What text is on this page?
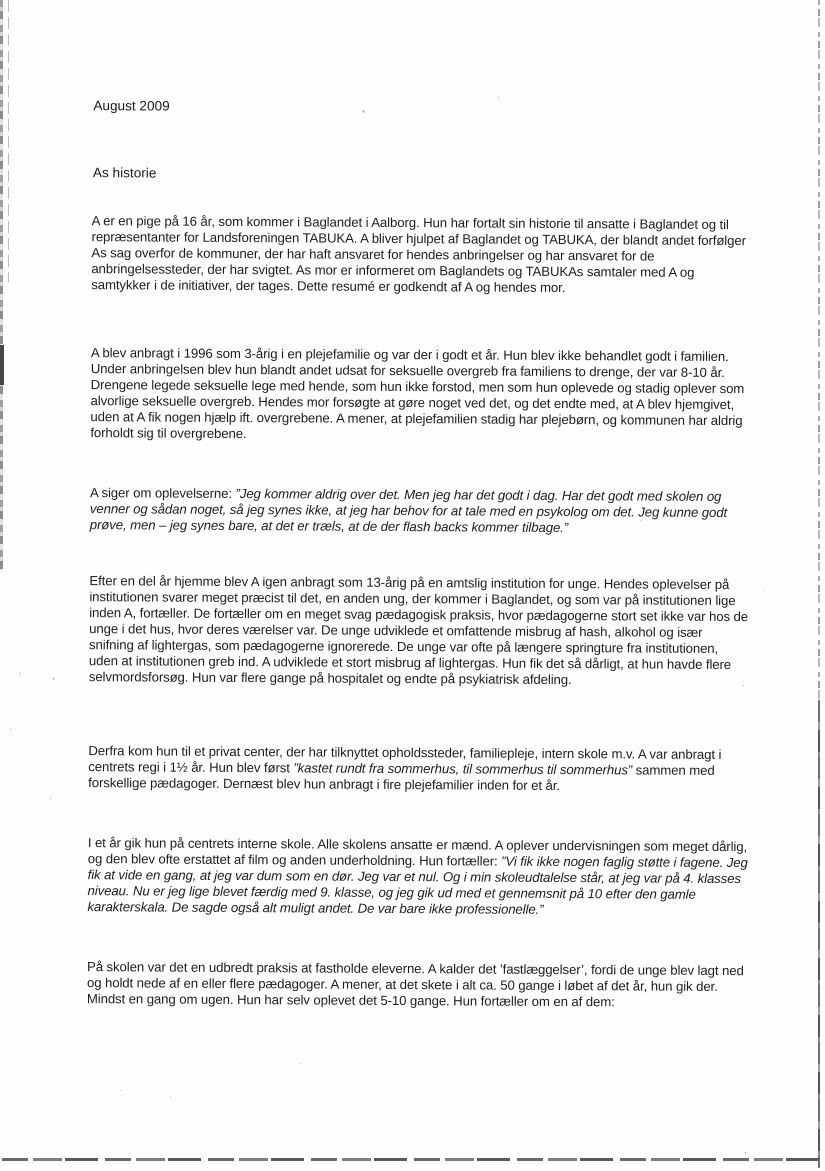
August 2009
As historie

A er en pige på 16 år, som kommer i Baglandet i Aalborg. Hun har fortalt sin historie til ansatte i Baglandet og til repræsentanter for Landsforeningen TABUKA. A bliver hjulpet af Baglandet og TABUKA, der blandt andet forfølger As sag overfor de kommuner, der har haft ansvaret for hendes anbringelser og har ansvaret for de anbringelsessteder, der har svigtet. As mor er informeret om Baglandets og TABUKAs samtaler med A og samtykker i de initiativer, der tages. Dette resumé er godkendt af A og hendes mor.

A blev anbragt i 1996 som 3-årig i en plejefamilie og var der i godt et år. Hun blev ikke behandlet godt i familien. Under anbringelsen blev hun blandt andet udsat for seksuelle overgreb fra familiens to drenge, der var 8-10 år. Drengene legede seksuelle lege med hende, som hun ikke forstod, men som hun oplevede og stadig oplever som alvorlige seksuelle overgreb. Hendes mor forsøgte at gøre noget ved det, og det endte med, at A blev hjemgivet, uden at A fik nogen hjælp ift. overgrebene. A mener, at plejefamilien stadig har plejebørn, og kommunen har aldrig forholdt sig til overgrebene.

A siger om oplevelserne: ”Jeg kommer aldrig over det. Men jeg har det godt i dag. Har det godt med skolen og venner og sådan noget, så jeg synes ikke, at jeg har behov for at tale med en psykolog om det. Jeg kunne godt prøve, men – jeg synes bare, at det er træls, at de der flash backs kommer tilbage.”

Efter en del år hjemme blev A igen anbragt som 13-årig på en amtslig institution for unge. Hendes oplevelser på institutionen svarer meget præcist til det, en anden ung, der kommer i Baglandet, og som var på institutionen lige inden A, fortæller. De fortæller om en meget svag pædagogisk praksis, hvor pædagogerne stort set ikke var hos de unge i det hus, hvor deres værelser var. De unge udviklede et omfattende misbrug af hash, alkohol og især snifning af lightergas, som pædagogerne ignorerede. De unge var ofte på længere springture fra institutionen, uden at institutionen greb ind. A udviklede et stort misbrug af lightergas. Hun fik det så dårligt, at hun havde flere selvmordsforsøg. Hun var flere gange på hospitalet og endte på psykiatrisk afdeling.

Derfra kom hun til et privat center, der har tilknyttet opholdssteder, familiepleje, intern skole m.v. A var anbragt i centrets regi i 1½ år. Hun blev først ”kastet rundt fra sommerhus, til sommerhus til sommerhus” sammen med forskellige pædagoger. Dernæst blev hun anbragt i fire plejefamilier inden for et år.

I et år gik hun på centrets interne skole. Alle skolens ansatte er mænd. A oplever undervisningen som meget dårlig, og den blev ofte erstattet af film og anden underholdning. Hun fortæller: ”Vi fik ikke nogen faglig støtte i fagene. Jeg fik at vide en gang, at jeg var dum som en dør. Jeg var et nul. Og i min skoleudtalelse står, at jeg var på 4. klasses niveau. Nu er jeg lige blevet færdig med 9. klasse, og jeg gik ud med et gennemsnit på 10 efter den gamle karakterskala. De sagde også alt muligt andet. De var bare ikke professionelle.”

På skolen var det en udbredt praksis at fastholde eleverne. A kalder det ’fastlæggelser’, fordi de unge blev lagt ned og holdt nede af en eller flere pædagoger. A mener, at det skete i alt ca. 50 gange i løbet af det år, hun gik der. Mindst en gang om ugen. Hun har selv oplevet det 5-10 gange. Hun fortæller om en af dem:
